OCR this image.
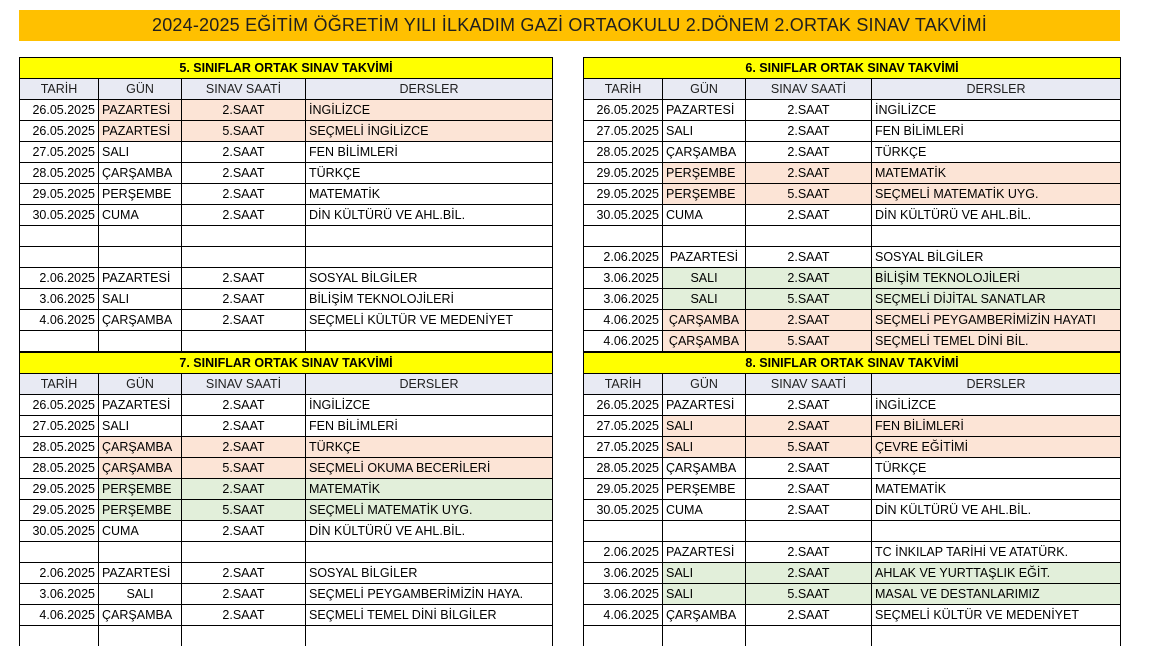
2024-2025 EĞİTİM ÖĞRETİM YILI İLKADIM GAZİ ORTAOKULU 2.DÖNEM 2.ORTAK SINAV TAKVİMİ
5. SINIFLAR ORTAK SINAV TAKVİMİ			
TARİH	GÜN	SINAV SAATİ	DERSLER
26.05.2025	PAZARTESİ	2.SAAT	İNGİLİZCE
26.05.2025	PAZARTESİ	5.SAAT	SEÇMELİ İNGİLİZCE
27.05.2025	SALI	2.SAAT	FEN BİLİMLERİ
28.05.2025	ÇARŞAMBA	2.SAAT	TÜRKÇE
29.05.2025	PERŞEMBE	2.SAAT	MATEMATİK
30.05.2025	CUMA	2.SAAT	DİN KÜLTÜRÜ VE AHL.BİL.

2.06.2025	PAZARTESİ	2.SAAT	SOSYAL BİLGİLER
3.06.2025	SALI	2.SAAT	BİLİŞİM TEKNOLOJİLERİ
4.06.2025	ÇARŞAMBA	2.SAAT	SEÇMELİ KÜLTÜR VE MEDENİYET

6. SINIFLAR ORTAK SINAV TAKVİMİ			
TARİH	GÜN	SINAV SAATİ	DERSLER
26.05.2025	PAZARTESİ	2.SAAT	İNGİLİZCE
27.05.2025	SALI	2.SAAT	FEN BİLİMLERİ
28.05.2025	ÇARŞAMBA	2.SAAT	TÜRKÇE
29.05.2025	PERŞEMBE	2.SAAT	MATEMATİK
29.05.2025	PERŞEMBE	5.SAAT	SEÇMELİ MATEMATİK UYG.
30.05.2025	CUMA	2.SAAT	DİN KÜLTÜRÜ VE AHL.BİL.

2.06.2025	PAZARTESİ	2.SAAT	SOSYAL BİLGİLER
3.06.2025	SALI	2.SAAT	BİLİŞİM TEKNOLOJİLERİ
3.06.2025	SALI	5.SAAT	SEÇMELİ DİJİTAL SANATLAR
4.06.2025	ÇARŞAMBA	2.SAAT	SEÇMELİ PEYGAMBERİMİZİN HAYATI
4.06.2025	ÇARŞAMBA	5.SAAT	SEÇMELİ TEMEL DİNİ BİL.
7. SINIFLAR ORTAK SINAV TAKVİMİ			
TARİH	GÜN	SINAV SAATİ	DERSLER
26.05.2025	PAZARTESİ	2.SAAT	İNGİLİZCE
27.05.2025	SALI	2.SAAT	FEN BİLİMLERİ
28.05.2025	ÇARŞAMBA	2.SAAT	TÜRKÇE
28.05.2025	ÇARŞAMBA	5.SAAT	SEÇMELİ OKUMA BECERİLERİ
29.05.2025	PERŞEMBE	2.SAAT	MATEMATİK
29.05.2025	PERŞEMBE	5.SAAT	SEÇMELİ MATEMATİK UYG.
30.05.2025	CUMA	2.SAAT	DİN KÜLTÜRÜ VE AHL.BİL.

2.06.2025	PAZARTESİ	2.SAAT	SOSYAL BİLGİLER
3.06.2025	SALI	2.SAAT	SEÇMELİ PEYGAMBERİMİZİN HAYA.
4.06.2025	ÇARŞAMBA	2.SAAT	SEÇMELİ TEMEL DİNİ BİLGİLER

8. SINIFLAR ORTAK SINAV TAKVİMİ			
TARİH	GÜN	SINAV SAATİ	DERSLER
26.05.2025	PAZARTESİ	2.SAAT	İNGİLİZCE
27.05.2025	SALI	2.SAAT	FEN BİLİMLERİ
27.05.2025	SALI	5.SAAT	ÇEVRE EĞİTİMİ
28.05.2025	ÇARŞAMBA	2.SAAT	TÜRKÇE
29.05.2025	PERŞEMBE	2.SAAT	MATEMATİK
30.05.2025	CUMA	2.SAAT	DİN KÜLTÜRÜ VE AHL.BİL.

2.06.2025	PAZARTESİ	2.SAAT	TC İNKILAP TARİHİ VE ATATÜRK.
3.06.2025	SALI	2.SAAT	AHLAK VE YURTTAŞLIK EĞİT.
3.06.2025	SALI	5.SAAT	MASAL VE DESTANLARIMIZ
4.06.2025	ÇARŞAMBA	2.SAAT	SEÇMELİ KÜLTÜR VE MEDENİYET
